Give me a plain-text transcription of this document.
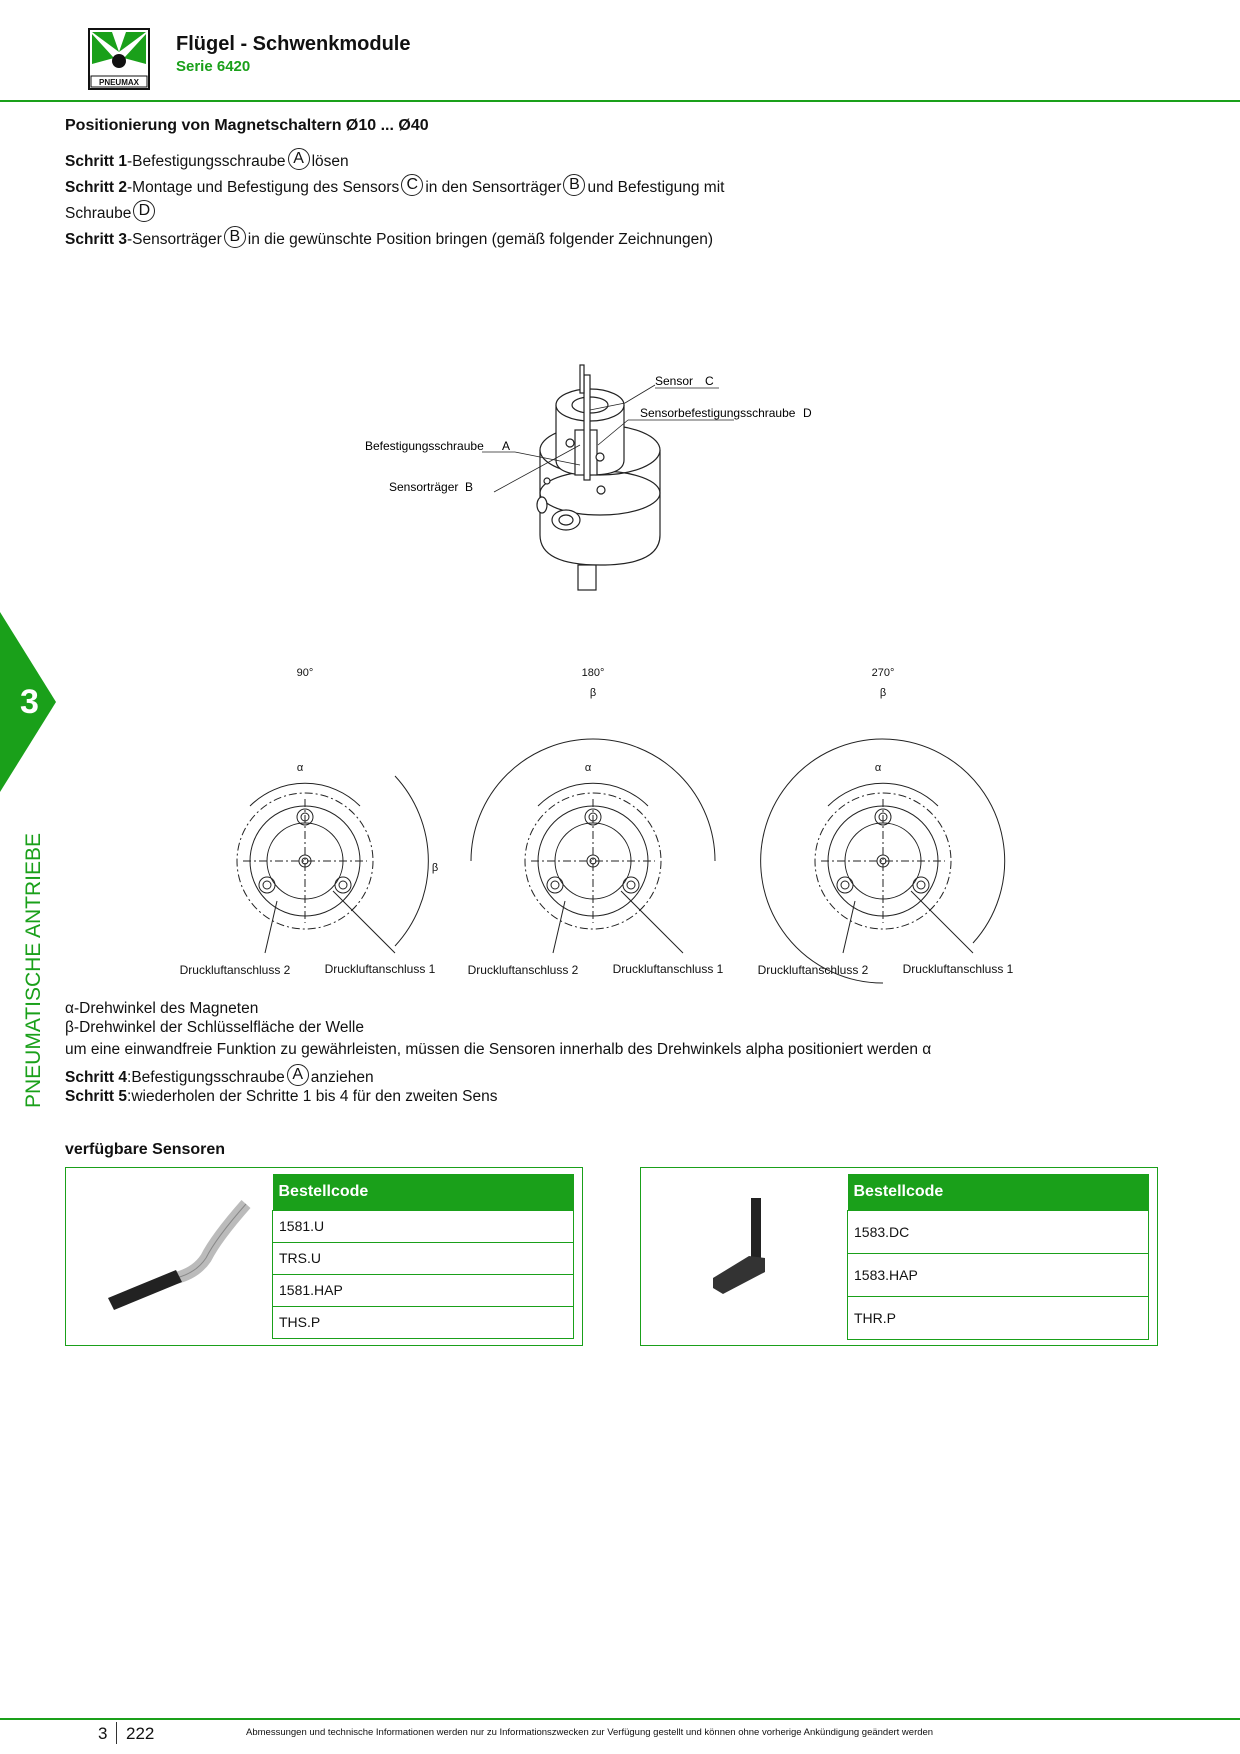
PNEUMAX
Flügel - Schwenkmodule
Serie 6420
Positionierung von Magnetschaltern Ø10 ... Ø40
Schritt 1-Befestigungsschraube A lösen
Schritt 2-Montage und Befestigung des Sensors C in den Sensorträger B und Befestigung mit
Schraube D
Schritt 3-Sensorträger B in die gewünschte Position bringen (gemäß folgender Zeichnungen)
Sensor C
Sensorbefestigungsschraube D
Befestigungsschraube A
Sensorträger B
90°
α
β
Druckluftanschluss 2	Druckluftanschluss 1
180°
α
β
Druckluftanschluss 2	Druckluftanschluss 1
270°
α
β
Druckluftanschluss 2	Druckluftanschluss 1
α-Drehwinkel des Magneten
β-Drehwinkel der Schlüsselfläche der Welle
um eine einwandfreie Funktion zu gewährleisten, müssen die Sensoren innerhalb des Drehwinkels alpha positioniert werden α
Schritt 4:Befestigungsschraube A anziehen
Schritt 5:wiederholen der Schritte 1 bis 4 für den zweiten Sens
verfügbare Sensoren
Bestellcode
1581.U
TRS.U
1581.HAP
THS.P
Bestellcode
1583.DC
1583.HAP
THR.P
3
PNEUMATISCHE ANTRIEBE
3 222	Abmessungen und technische Informationen werden nur zu Informationszwecken zur Verfügung gestellt und können ohne vorherige Ankündigung geändert werden
